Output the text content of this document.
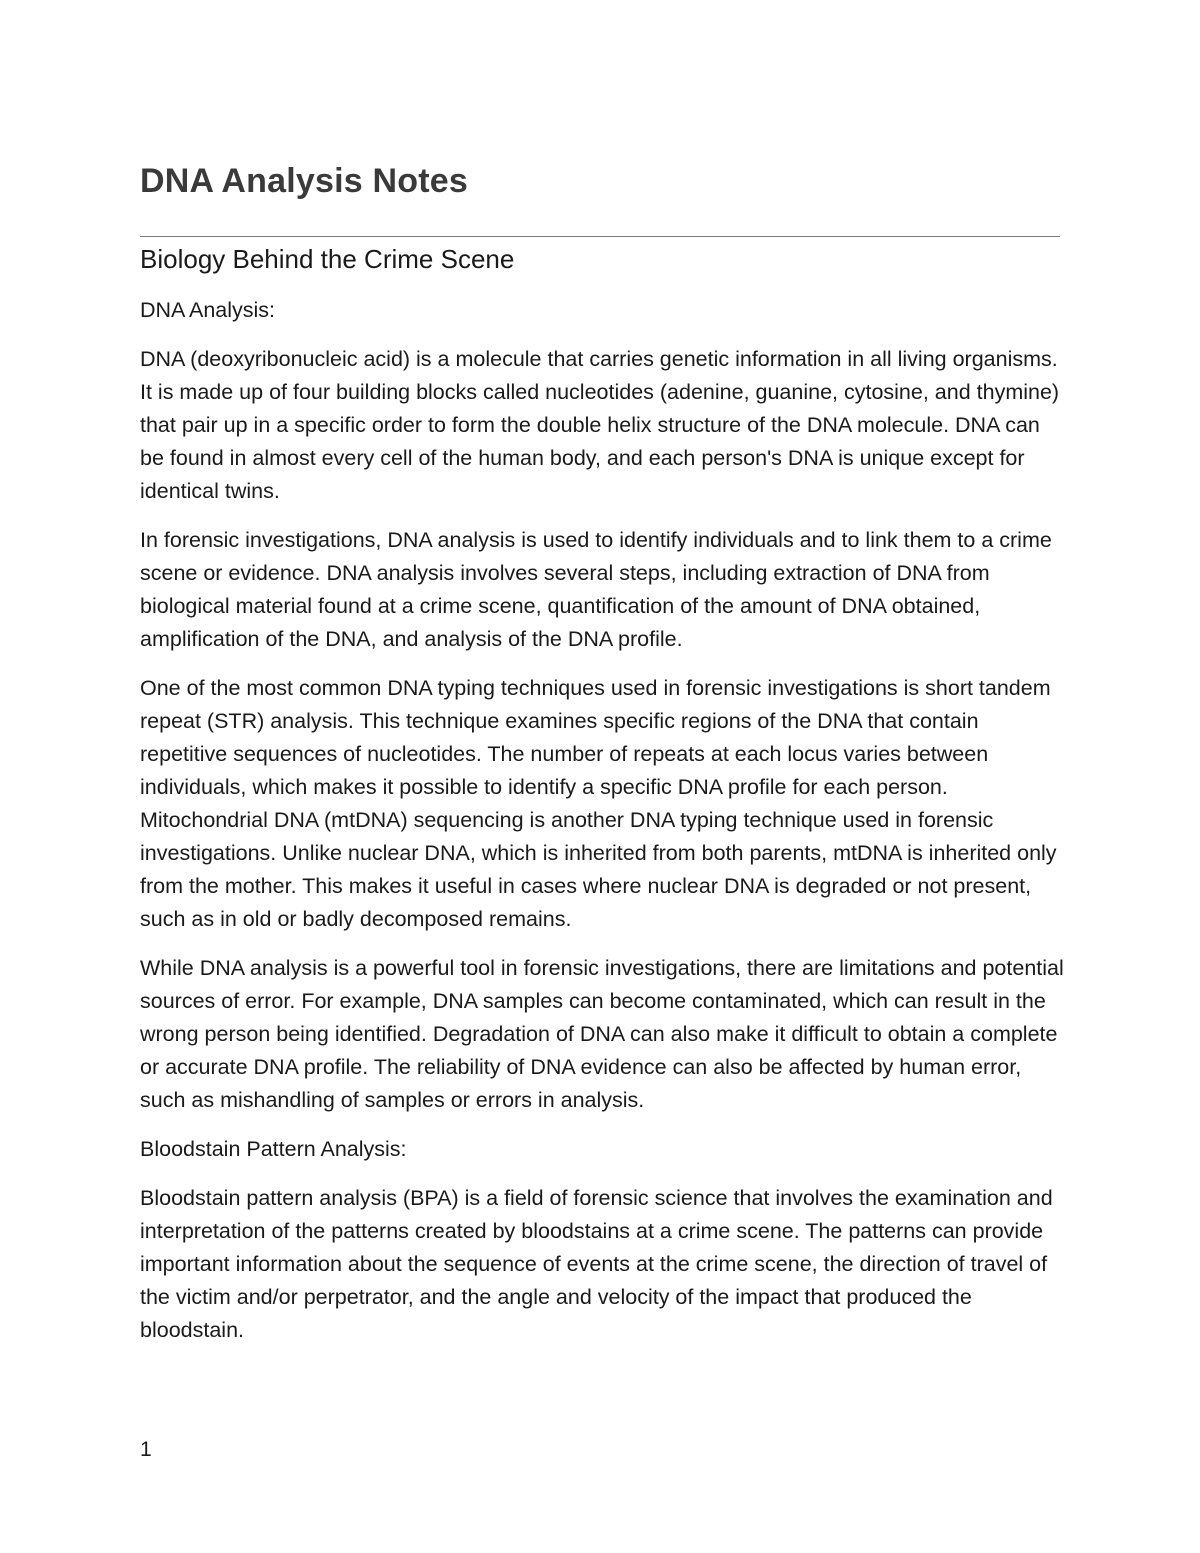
DNA Analysis Notes
Biology Behind the Crime Scene

DNA Analysis:

DNA (deoxyribonucleic acid) is a molecule that carries genetic information in all living organisms. It is made up of four building blocks called nucleotides (adenine, guanine, cytosine, and thymine) that pair up in a specific order to form the double helix structure of the DNA molecule. DNA can be found in almost every cell of the human body, and each person's DNA is unique except for identical twins.

In forensic investigations, DNA analysis is used to identify individuals and to link them to a crime scene or evidence. DNA analysis involves several steps, including extraction of DNA from biological material found at a crime scene, quantification of the amount of DNA obtained, amplification of the DNA, and analysis of the DNA profile.

One of the most common DNA typing techniques used in forensic investigations is short tandem repeat (STR) analysis. This technique examines specific regions of the DNA that contain repetitive sequences of nucleotides. The number of repeats at each locus varies between individuals, which makes it possible to identify a specific DNA profile for each person. Mitochondrial DNA (mtDNA) sequencing is another DNA typing technique used in forensic investigations. Unlike nuclear DNA, which is inherited from both parents, mtDNA is inherited only from the mother. This makes it useful in cases where nuclear DNA is degraded or not present, such as in old or badly decomposed remains.

While DNA analysis is a powerful tool in forensic investigations, there are limitations and potential sources of error. For example, DNA samples can become contaminated, which can result in the wrong person being identified. Degradation of DNA can also make it difficult to obtain a complete or accurate DNA profile. The reliability of DNA evidence can also be affected by human error, such as mishandling of samples or errors in analysis.

Bloodstain Pattern Analysis:

Bloodstain pattern analysis (BPA) is a field of forensic science that involves the examination and interpretation of the patterns created by bloodstains at a crime scene. The patterns can provide important information about the sequence of events at the crime scene, the direction of travel of the victim and/or perpetrator, and the angle and velocity of the impact that produced the bloodstain.

1
